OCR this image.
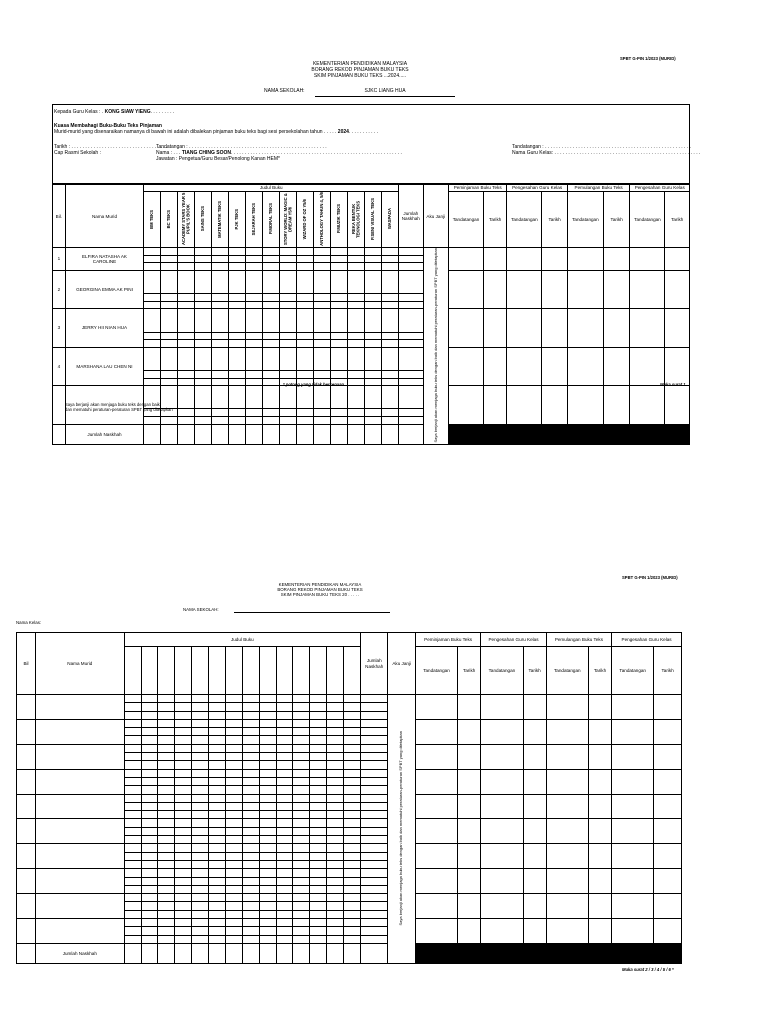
SPBT G-PIN 1/2023 (MURID)
KEMENTERIAN PENDIDIKAN MALAYSIA
BORANG REKOD PINJAMAN BUKU TEKS
SKIM PINJAMAN BUKU TEKS ...2024.....
NAMA SEKOLAH:	SJKC LIANG HUA
Kepada Guru Kelas : . KONG SIAW YIENG. . . . . . . . .
Kuasa Membahagi Buku-Buku Teks Pinjaman
Murid-murid yang disenaraikan namanya di bawah ini adalah dibalekan pinjaman buku teks bagi sesi persekolahan tahun . . . . . 2024. . . . . . . . . . .
Tarikh : . . . . . . . . . . . . . . . . . . . . . . . . . . . . . . . . . . .
Cap Rasmi Sekolah :
Tandatangan : . . . . . . . . . . . . . . . . . . . . . . . . . . . . . . . . . . . . . . . . . . . . . . . . . .
Nama : . . . TIANG CHING SOON. . . . . . . . . . . . . . . . . . . . . . . . . . . . . . . . . . . . . . . . . . . . . . . . . . . . . . . . . . . . . .
Jawatan : Pengetua/Guru Besar/Penolong Kanan HEM*
Tandatangan : . . . . . . . . . . . . . . . . . . . . . . . . . . . . . . . . . . . . . . . . . . . . . . . . . . . . .
Nama Guru Kelas: . . . . . . . . . . . . . . . . . . . . . . . . . . . . . . . . . . . . . . . . . . . . . . . . . . . . .
Bil.	Nama Murid	Judul Buku															Jumlah Naskhah	Aku Janji	Peminjaman Buku Teks		Pengesahan Guru Kelas		Pemulangan Buku Teks		Pengesahan Guru Kelas	
		BM TEKS	BC TEKS	ACADEMY STARS YEAR 5 PUPIL'S BOOK	SAINS TEKS	MATEMATIK TEKS	PJK TEKS	SEJARAH TEKS	P.MORAL TEKS	STORY WORLD: MAGIC & DREAM Y5/6	WIZARD OF OZ Y5/6	ANTHOLOGY TAHUN 4, 5/6	P.MUZIK TEKS	REKA BENTUK TEKNOLOGI TEKS	P.SENI VISUAL TEKS	WASPADA			Tandatangan	Tarikh	Tandatangan	Tarikh	Tandatangan	Tarikh	Tandatangan	Tarikh
1	ELFIRA NATASHA AK CAROLINE																	Saya berjanji akan menjaga buku teks dengan baik dan mematuhi peraturan-peraturan SPBT yang ditetapkan								

2	GEORGINA EMMA AK PINI																									

3	JERRY HII NIAN HUA																									

4	MARSHANA LAU CHEN NI																									

	Jumlah Naskhah																									
* potong yang tidak berkenaan	Muka surat 1
Saya berjanji akan menjaga buku teks dengan baik
dan mematuhi peraturan-peraturan SPBT yang ditetapkan
SPBT G-PIN 1/2023 (MURID)
KEMENTERIAN PENDIDIKAN MALAYSIA
BORANG REKOD PINJAMAN BUKU TEKS
SKIM PINJAMAN BUKU TEKS 20 . . . . .
NAMA SEKOLAH:
Nama Kelas:
Bil	Nama Murid	Judul Buku														Jumlah Naskhah	Aku Janji	Peminjaman Buku Teks		Pengesahan Guru Kelas		Pemulangan Buku Teks		Pengesahan Guru Kelas	
																		Tandatangan	Tarikh	Tandatangan	Tarikh	Tandatangan	Tarikh	Tandatangan	Tarikh
																	Saya berjanji akan menjaga buku teks dengan baik dan mematuhi peraturan-peraturan SPBT yang ditetapkan								

	Jumlah Naskhah																								
Muka surat 2 / 3 / 4 / 5 / 6 *
